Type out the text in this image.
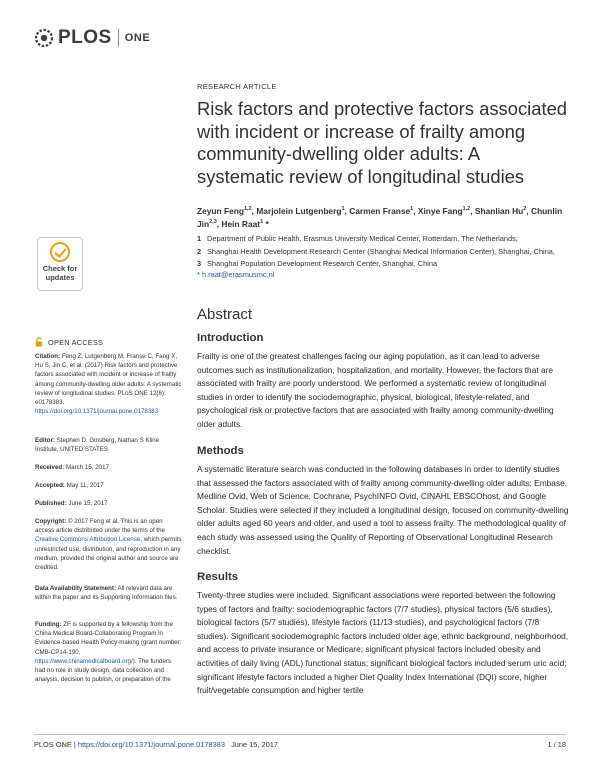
PLOS ONE
RESEARCH ARTICLE
Risk factors and protective factors associated with incident or increase of frailty among community-dwelling older adults: A systematic review of longitudinal studies
Zeyun Feng$^{1,2}$, Marjolein Lutgenberg$^1$, Carmen Franse$^1$, Xinye Fang$^{1,2}$, Shanlian Hu$^2$, Chunlin Jin$^{2,3}$, Hein Raat$^1$ *
1 Department of Public Health, Erasmus University Medical Center, Rotterdam, The Netherlands,
2 Shanghai Health Development Research Center (Shanghai Medical Information Center), Shanghai, China,
3 Shanghai Population Development Research Center, Shanghai, China
* h.raat@erasmusmc.nl
Abstract
Introduction
Frailty is one of the greatest challenges facing our aging population, as it can lead to adverse outcomes such as institutionalization, hospitalization, and mortality. However, the factors that are associated with frailty are poorly understood. We performed a systematic review of longitudinal studies in order to identify the sociodemographic, physical, biological, lifestyle-related, and psychological risk or protective factors that are associated with frailty among community-dwelling older adults.
Methods
A systematic literature search was conducted in the following databases in order to identify studies that assessed the factors associated with of frailty among community-dwelling older adults: Embase, Medline Ovid, Web of Science, Cochrane, PsychINFO Ovid, CINAHL EBSCOhost, and Google Scholar. Studies were selected if they included a longitudinal design, focused on community-dwelling older adults aged 60 years and older, and used a tool to assess frailty. The methodological quality of each study was assessed using the Quality of Reporting of Observational Longitudinal Research checklist.
Results
Twenty-three studies were included. Significant associations were reported between the following types of factors and frailty: sociodemographic factors (7/7 studies), physical factors (5/6 studies), biological factors (5/7 studies), lifestyle factors (11/13 studies), and psychological factors (7/8 studies). Significant sociodemographic factors included older age, ethnic background, neighborhood, and access to private insurance or Medicare; significant physical factors included obesity and activities of daily living (ADL) functional status; significant biological factors included serum uric acid; significant lifestyle factors included a higher Diet Quality Index International (DQI) score, higher fruit/vegetable consumption and higher tertile
Check for
updates
OPEN ACCESS
Citation: Feng Z, Lutgenberg M, Franse C, Fang X, Hu S, Jin C, et al. (2017) Risk factors and protective factors associated with incident or increase of frailty among community-dwelling older adults: A systematic review of longitudinal studies. PLoS ONE 12(6): e0178383. https://doi.org/10.1371/journal.pone.0178383
Editor: Stephen D. Ginsberg, Nathan S Kline Institute, UNITED STATES
Received: March 15, 2017
Accepted: May 11, 2017
Published: June 15, 2017
Copyright: © 2017 Feng et al. This is an open access article distributed under the terms of the Creative Commons Attribution License, which permits unrestricted use, distribution, and reproduction in any medium, provided the original author and source are credited.
Data Availability Statement: All relevant data are within the paper and its Supporting Information files.
Funding: ZF is supported by a fellowship from the China Medical Board-Collaborating Program in Evidence-based Health Policy-making (grant number: CMB-CP14-190, https://www.chinamedicalboard.org/). The funders had no role in study design, data collection and analysis, decision to publish, or preparation of the
PLOS ONE | https://doi.org/10.1371/journal.pone.0178383 June 15, 2017	1 / 18
